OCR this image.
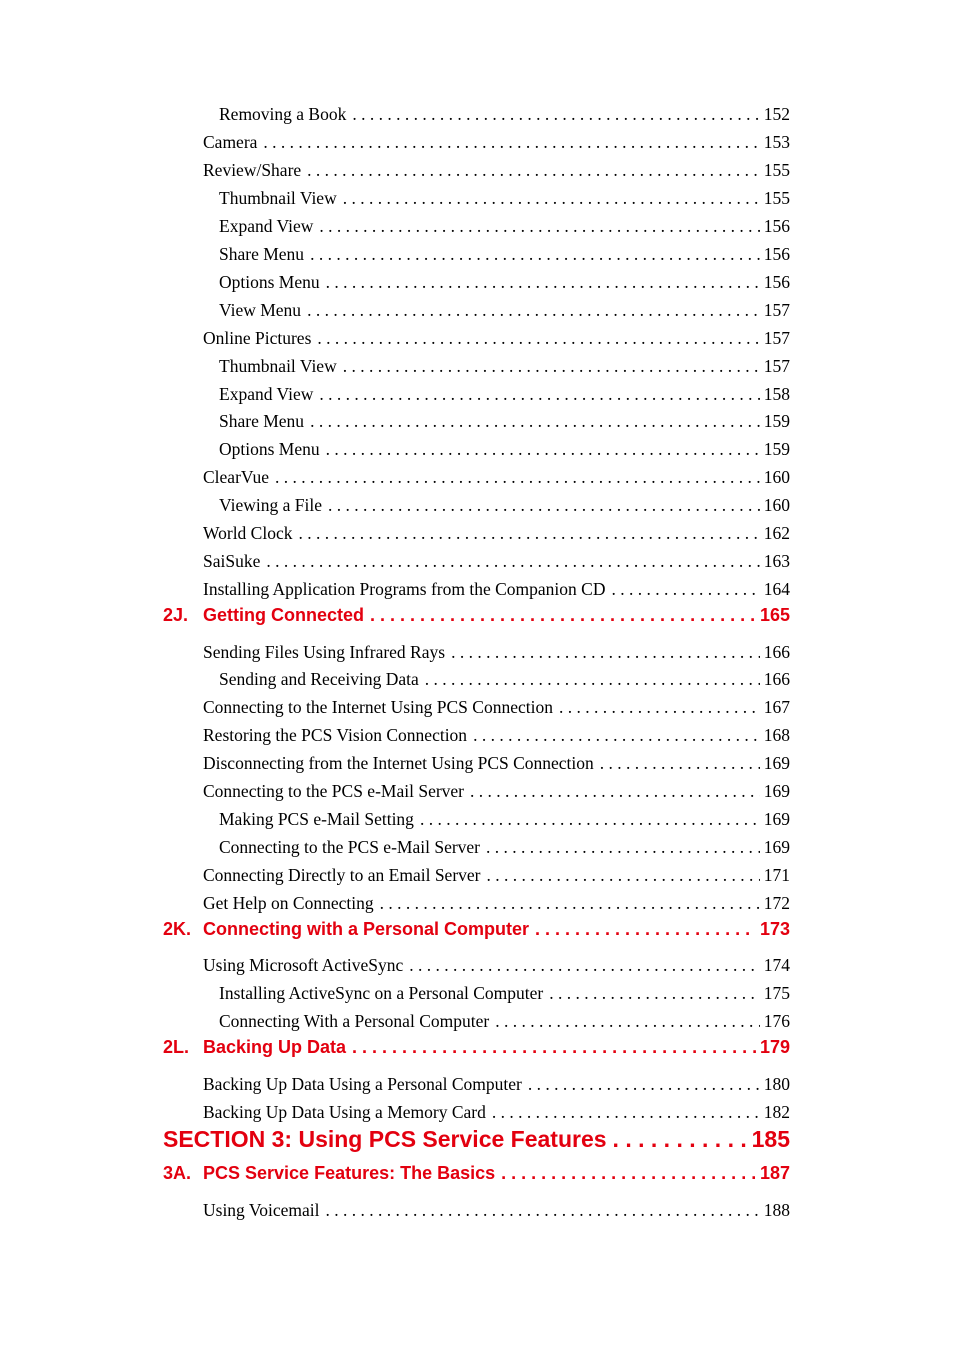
Removing a Book . . .	152
Camera . . .	153
Review/Share . . .	155
Thumbnail View . . .	155
Expand View . . .	156
Share Menu . . .	156
Options Menu . . .	156
View Menu . . .	157
Online Pictures . . .	157
Thumbnail View . . .	157
Expand View . . .	158
Share Menu . . .	159
Options Menu . . .	159
ClearVue . . .	160
Viewing a File . . .	160
World Clock . . .	162
SaiSuke . . .	163
Installing Application Programs from the Companion CD . . .	164
2J. Getting Connected . . .	165
Sending Files Using Infrared Rays . . .	166
Sending and Receiving Data . . .	166
Connecting to the Internet Using PCS Connection . . .	167
Restoring the PCS Vision Connection . . .	168
Disconnecting from the Internet Using PCS Connection . . .	169
Connecting to the PCS e-Mail Server . . .	169
Making PCS e-Mail Setting . . .	169
Connecting to the PCS e-Mail Server . . .	169
Connecting Directly to an Email Server . . .	171
Get Help on Connecting . . .	172
2K. Connecting with a Personal Computer . . .	173
Using Microsoft ActiveSync . . .	174
Installing ActiveSync on a Personal Computer . . .	175
Connecting With a Personal Computer . . .	176
2L. Backing Up Data . . .	179
Backing Up Data Using a Personal Computer . . .	180
Backing Up Data Using a Memory Card . . .	182
SECTION 3: Using PCS Service Features . . .	185
3A. PCS Service Features: The Basics . . .	187
Using Voicemail . . .	188
